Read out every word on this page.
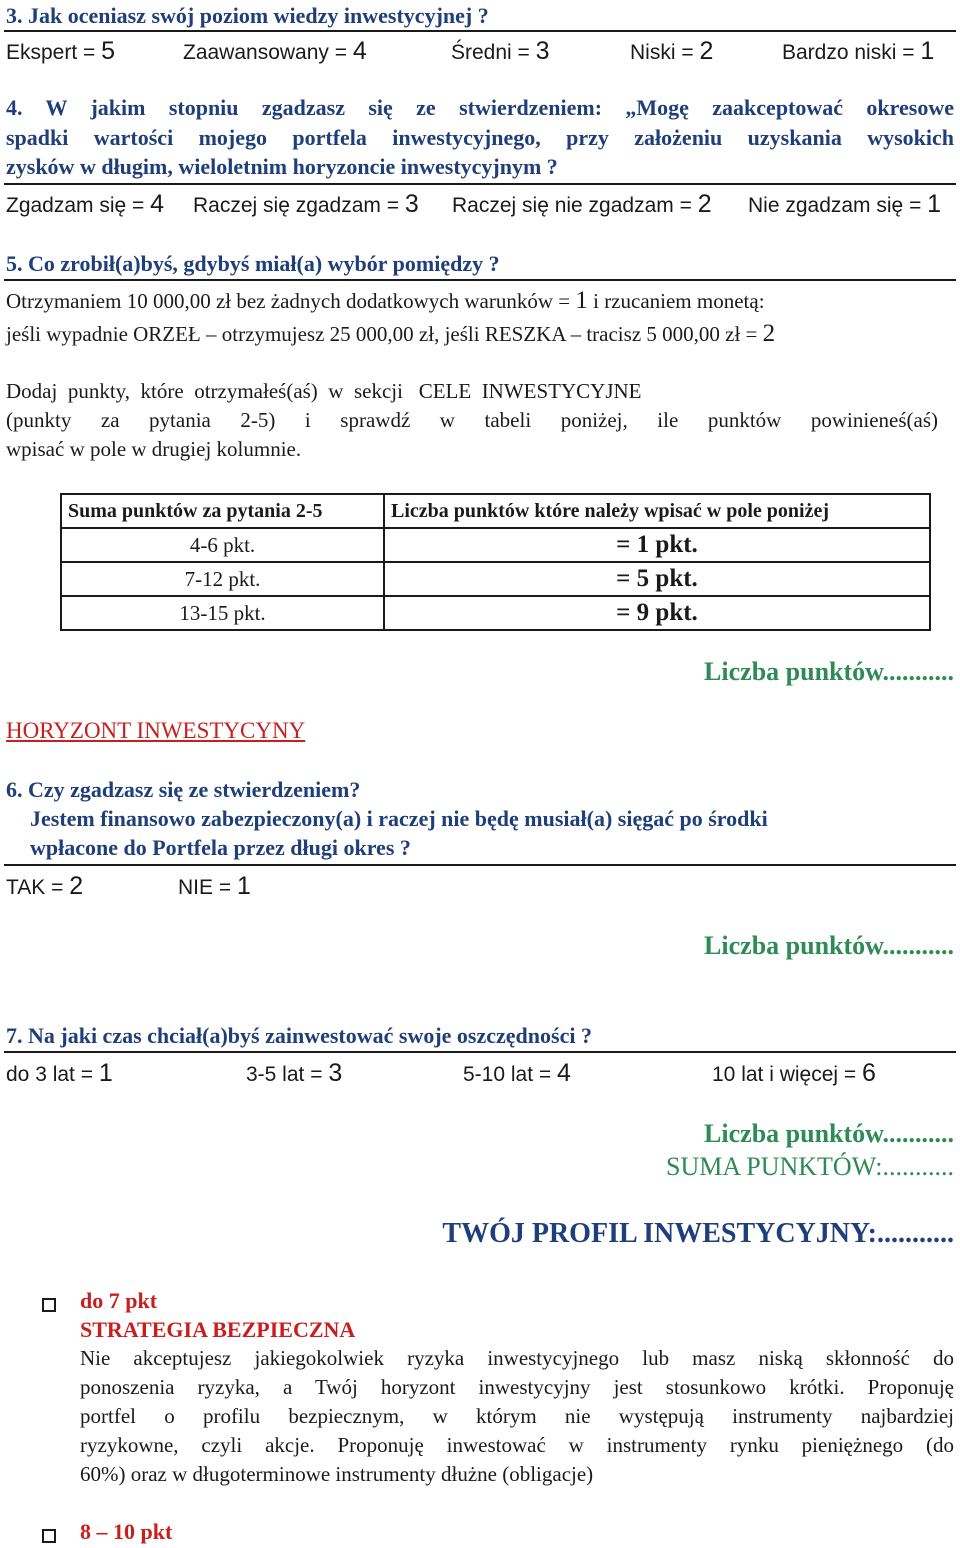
3. Jak oceniasz swój poziom wiedzy inwestycyjnej ?
Ekspert = 5	Zaawansowany = 4	Średni = 3	Niski = 2	Bardzo niski = 1
4. W jakim stopniu zgadzasz się ze stwierdzeniem: „Mogę zaakceptować okresowe
spadki wartości mojego portfela inwestycyjnego, przy założeniu uzyskania wysokich
zysków w długim, wieloletnim horyzoncie inwestycyjnym ?
Zgadzam się = 4 Raczej się zgadzam = 3 Raczej się nie zgadzam = 2 Nie zgadzam się = 1
5. Co zrobił(a)byś, gdybyś miał(a) wybór pomiędzy ?
Otrzymaniem 10 000,00 zł bez żadnych dodatkowych warunków = 1 i rzucaniem monetą:
jeśli wypadnie ORZEŁ – otrzymujesz 25 000,00 zł, jeśli RESZKA – tracisz 5 000,00 zł = 2
Dodaj  punkty,  które  otrzymałeś(aś)  w  sekcji   CELE  INWESTYCYJNE
(punkty za pytania 2-5) i sprawdź w tabeli poniżej, ile punktów powinieneś(aś)
wpisać w pole w drugiej kolumnie.
Suma punktów za pytania 2-5	Liczba punktów które należy wpisać w pole poniżej
4-6 pkt.	= 1 pkt.
7-12 pkt.	= 5 pkt.
13-15 pkt.	= 9 pkt.
Liczba punktów...........
HORYZONT INWESTYCYNY
6. Czy zgadzasz się ze stwierdzeniem?
Jestem finansowo zabezpieczony(a) i raczej nie będę musiał(a) sięgać po środki
wpłacone do Portfela przez długi okres ?
TAK = 2	NIE = 1
Liczba punktów...........
7. Na jaki czas chciał(a)byś zainwestować swoje oszczędności ?
do 3 lat = 1	3-5 lat = 3	5-10 lat = 4	10 lat i więcej = 6
Liczba punktów...........
SUMA PUNKTÓW:...........
TWÓJ PROFIL INWESTYCYJNY:...........
do 7 pkt
STRATEGIA BEZPIECZNA
Nie akceptujesz jakiegokolwiek ryzyka inwestycyjnego lub masz niską skłonność do
ponoszenia ryzyka, a Twój horyzont inwestycyjny jest stosunkowo krótki. Proponuję
portfel o profilu bezpiecznym, w którym nie występują instrumenty najbardziej
ryzykowne, czyli akcje. Proponuję inwestować w instrumenty rynku pieniężnego (do
60%) oraz w długoterminowe instrumenty dłużne (obligacje)
8 – 10 pkt
